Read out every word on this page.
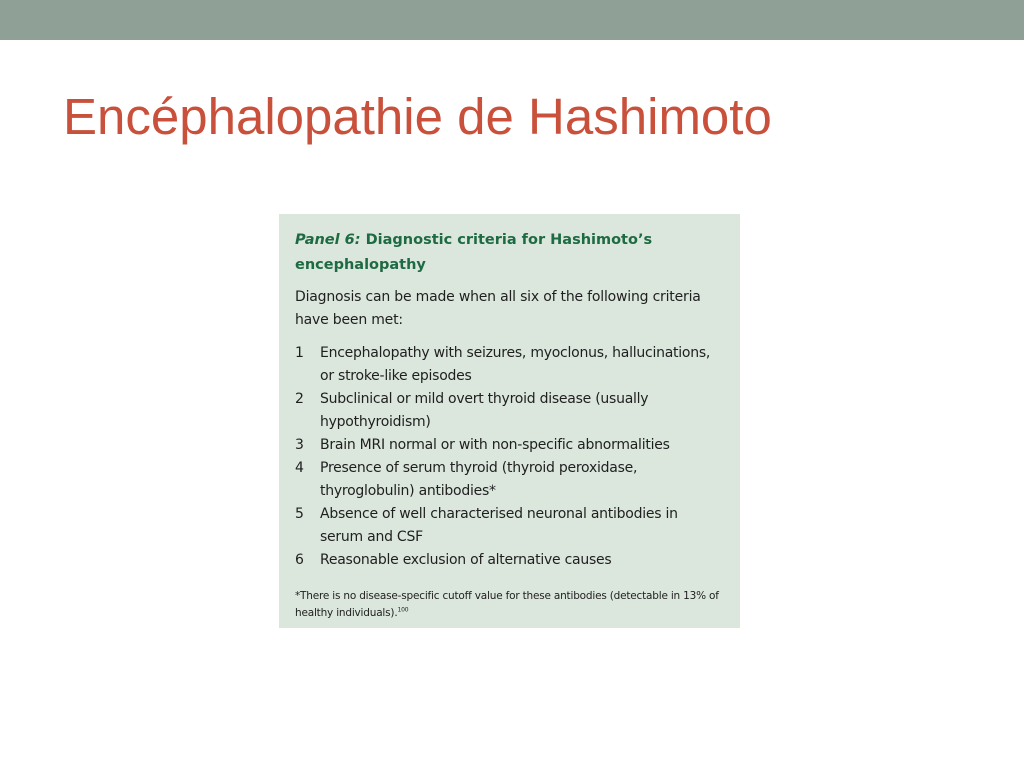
Encéphalopathie de Hashimoto

Panel 6: Diagnostic criteria for Hashimoto’s encephalopathy

Diagnosis can be made when all six of the following criteria have been met:

1	Encephalopathy with seizures, myoclonus, hallucinations, or stroke-like episodes
2	Subclinical or mild overt thyroid disease (usually hypothyroidism)
3	Brain MRI normal or with non-specific abnormalities
4	Presence of serum thyroid (thyroid peroxidase, thyroglobulin) antibodies*
5	Absence of well characterised neuronal antibodies in serum and CSF
6	Reasonable exclusion of alternative causes

*There is no disease-specific cutoff value for these antibodies (detectable in 13% of healthy individuals).$^{100}$
